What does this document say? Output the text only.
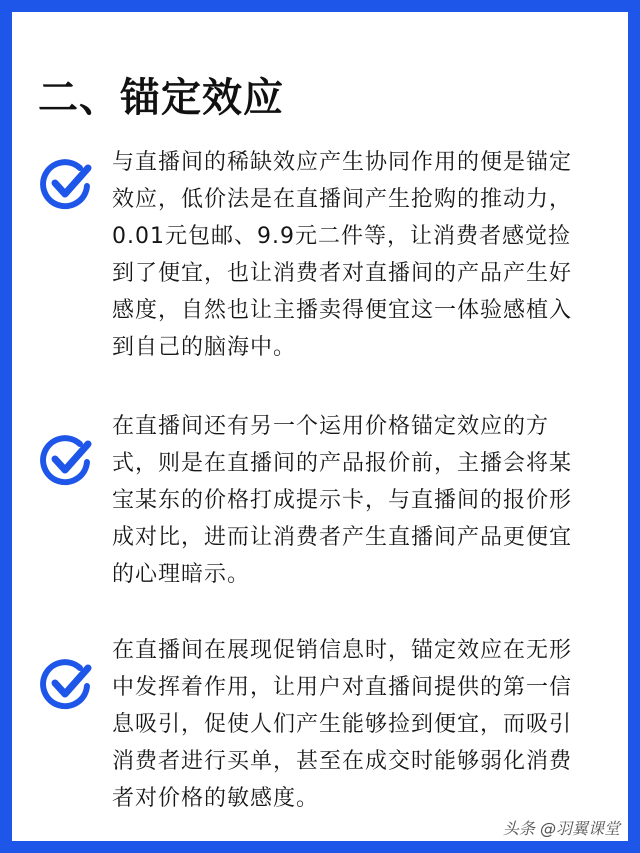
二、锚定效应
与直播间的稀缺效应产生协同作用的便是锚定效应，低价法是在直播间产生抢购的推动力，0.01元包邮、9.9元二件等，让消费者感觉捡到了便宜，也让消费者对直播间的产品产生好感度，自然也让主播卖得便宜这一体验感植入到自己的脑海中。
在直播间还有另一个运用价格锚定效应的方式，则是在直播间的产品报价前，主播会将某宝某东的价格打成提示卡，与直播间的报价形成对比，进而让消费者产生直播间产品更便宜的心理暗示。
在直播间在展现促销信息时，锚定效应在无形中发挥着作用，让用户对直播间提供的第一信息吸引，促使人们产生能够捡到便宜，而吸引消费者进行买单，甚至在成交时能够弱化消费者对价格的敏感度。
头条 @羽翼课堂
